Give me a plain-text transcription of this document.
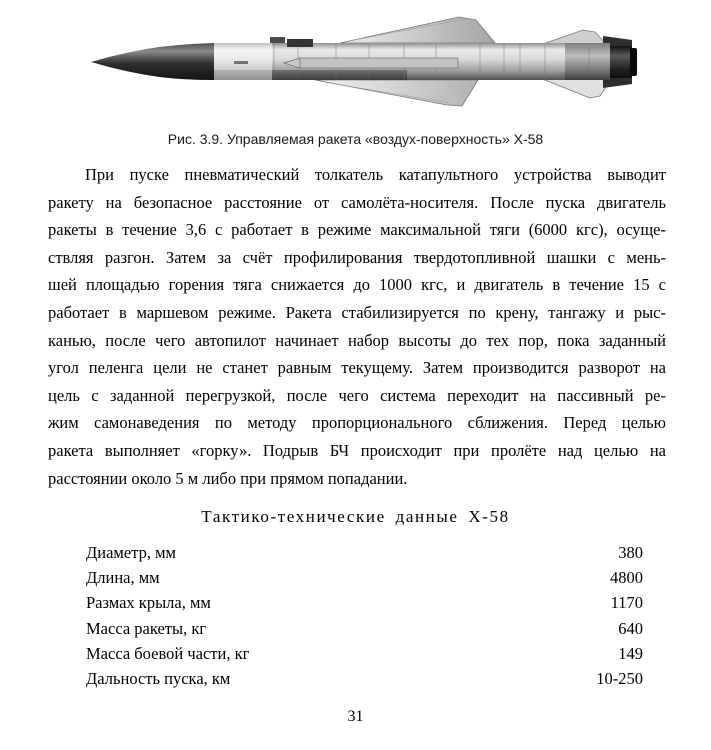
Рис. 3.9. Управляемая ракета «воздух-поверхность» Х-58
При пуске пневматический толкатель катапультного устройства выводит
ракету на безопасное расстояние от самолёта-носителя. После пуска двигатель
ракеты в течение 3,6 с работает в режиме максимальной тяги (6000 кгс), осуще-
ствляя разгон. Затем за счёт профилирования твердотопливной шашки с мень-
шей площадью горения тяга снижается до 1000 кгс, и двигатель в течение 15 с
работает в маршевом режиме. Ракета стабилизируется по крену, тангажу и рыс-
канью, после чего автопилот начинает набор высоты до тех пор, пока заданный
угол пеленга цели не станет равным текущему. Затем производится разворот на
цель с заданной перегрузкой, после чего система переходит на пассивный ре-
жим самонаведения по методу пропорционального сближения. Перед целью
ракета выполняет «горку». Подрыв БЧ происходит при пролёте над целью на
расстоянии около 5 м либо при прямом попадании.
Тактико-технические данные Х-58
Диаметр, мм	380
Длина, мм	4800
Размах крыла, мм	1170
Масса ракеты, кг	640
Масса боевой части, кг	149
Дальность пуска, км	10-250
31
